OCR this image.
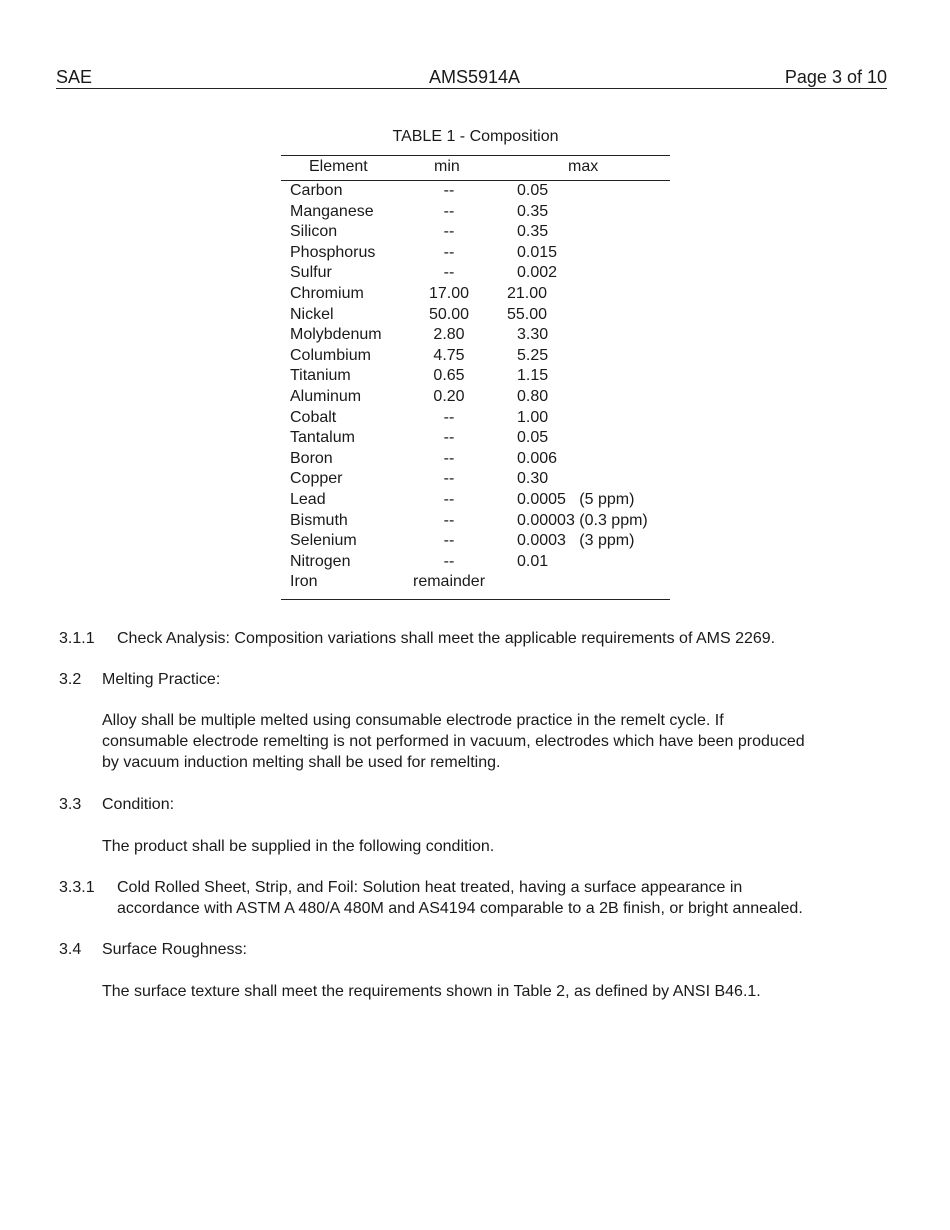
SAE	AMS5914A	Page 3 of 10
TABLE 1 - Composition
Element	min	max
Carbon	--	0.05
Manganese	--	0.35
Silicon	--	0.35
Phosphorus	--	0.015
Sulfur	--	0.002
Chromium	17.00	21.00
Nickel	50.00	55.00
Molybdenum	2.80	3.30
Columbium	4.75	5.25
Titanium	0.65	1.15
Aluminum	0.20	0.80
Cobalt	--	1.00
Tantalum	--	0.05
Boron	--	0.006
Copper	--	0.30
Lead	--	0.0005   (5 ppm)
Bismuth	--	0.00003 (0.3 ppm)
Selenium	--	0.0003   (3 ppm)
Nitrogen	--	0.01
Iron	remainder
3.1.1 Check Analysis: Composition variations shall meet the applicable requirements of AMS 2269.
3.2 Melting Practice:
Alloy shall be multiple melted using consumable electrode practice in the remelt cycle. If
consumable electrode remelting is not performed in vacuum, electrodes which have been produced
by vacuum induction melting shall be used for remelting.
3.3 Condition:
The product shall be supplied in the following condition.
3.3.1 Cold Rolled Sheet, Strip, and Foil: Solution heat treated, having a surface appearance in
accordance with ASTM A 480/A 480M and AS4194 comparable to a 2B finish, or bright annealed.
3.4 Surface Roughness:
The surface texture shall meet the requirements shown in Table 2, as defined by ANSI B46.1.
